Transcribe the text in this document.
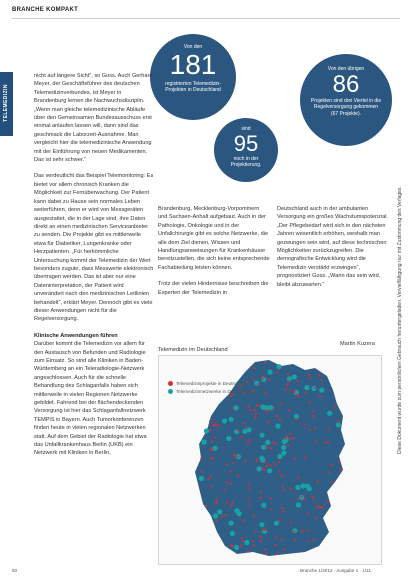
BRANCHE KOMPAKT
TELEMEDIZIN
Diese Dokument wurde zum persönlichen Gebrauch heruntergeladen. Vervielfältigung nur mit Zustimmung des Verlages.
Von den
181
registrierten Telemedizin-Projekten in Deutschland
sind
95
noch in der Projektierung.
Von den übrigen
86
Projekten sind drei Viertel in die Regelversorgung gekommen (67 Projekte).

nicht auf längere Sicht“, so Goss. Auch Gerhard Meyer, der Geschäftsführer des deutschen Telemedizinverbundes, ist Meyer in Brandenburg lernen die Nachwuchsdisziplin. „Wenn man gleiche telemedizinische Abläufe über den Gemeinsamen Bundesausschuss erst einmal anlaufen lassen will, dann sind das geschmack die Laborzeit-Ausnahme. Man vergleicht hier die telemedizinische Anwendung mit der Einführung von neuen Medikamenten. Das ist sehr schwer.“

Das verdeutlicht das Beispiel Telemonitoring: Es bietet vor allem chronisch Kranken die Möglichkeit zur Fernüberwachung. Der Patient kann dabei zu Hause sein normales Leben weiterführen, denn er wird von Messgeräten ausgestattet, die in der Lage sind, ihre Daten direkt an einen medizinischen Serviceanbieter zu senden. Die Projekte gibt es mittlerweile etwa für Diabetiker, Lungenkranke oder Herzpatienten. „Für herkömmliche Untersuchung kommt der Telemedizin der Wert besonders zugute, dass Messwerte elektronisch übertragen werden. Das ist aber nur eine Dateninterpretation, der Patient wird unverändert nach den medizinischen Leitlinien behandelt“, erklärt Meyer. Dennoch gibt es viele dieser Anwendungen nicht für die Regelversorgung.

Klinische Anwendungen führen

Darüber kommt die Telemedizin vor allem für den Austausch von Befunden und Radiologie zum Einsatz. So sind alle Kliniken in Baden-Württemberg an ein Teleradiologie-Netzwerk angeschlossen. Auch für die schnelle Behandlung des Schlaganfalls haben sich mittlerweile in vielen Regionen Netzwerke gebildet. Fahrend bei der flächendeckenden Versorgung ist hier das Schlaganfallnetzwerk TEMPiS in Bayern. Auch Tumorkonferenzen finden heute in vielen regionalen Netzwerken statt. Auf dem Gebiet der Radiologie hat etwa das Unfallkrankenhaus Berlin (UKB) ein Netzwerk mit Kliniken in Berlin,

Brandenburg, Mecklenburg-Vorpommern und Sachsen-Anhalt aufgebaut. Auch in der Pathologie, Onkologie und in der Unfallchirurgie gibt es solche Netzwerke, die alle dem Ziel dienen, Wissen und Handlungsanweisungen für Krankenhäuser bereitzustellen, die sich keine entsprechende Fachabteilung leisten können.

Trotz der vielen Hindernisse beschreiben die Experten der Telemedizin in

Deutschland auch in der ambulanten Versorgung ein großes Wachstumspotenzial. „Der Pflegebedarf wird sich in den nächsten Jahren wesentlich erhöhen, weshalb man gezwungen sein wird, auf diese technischen Möglichkeiten zurückzugreifen. Die demografische Entwicklung wird die Telemedizin verstärkt erzwingen“, prognostiziert Goss. „Wann das sein wird, bleibt abzuwarten.“

Martin Kuzera
Telemedizin im Deutschland
Telemedizinprojekte in Deutschland
Telemedizinnetzwerke in Deutschland
60	Branche 1/2012 · Ausgabe 1 · 1/11
